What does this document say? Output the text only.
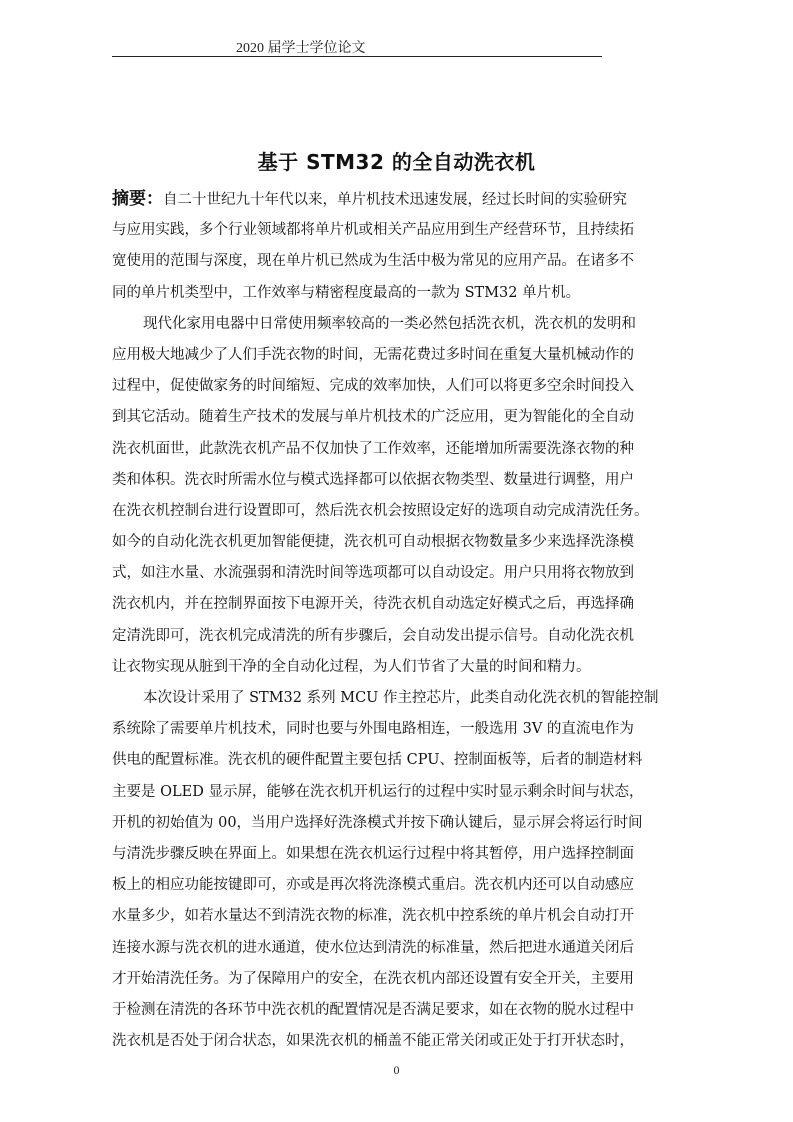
2020 届学士学位论文
基于 STM32 的全自动洗衣机
摘要：自二十世纪九十年代以来，单片机技术迅速发展，经过长时间的实验研究
与应用实践，多个行业领域都将单片机或相关产品应用到生产经营环节，且持续拓
宽使用的范围与深度，现在单片机已然成为生活中极为常见的应用产品。在诸多不
同的单片机类型中，工作效率与精密程度最高的一款为 STM32 单片机。
现代化家用电器中日常使用频率较高的一类必然包括洗衣机，洗衣机的发明和
应用极大地减少了人们手洗衣物的时间，无需花费过多时间在重复大量机械动作的
过程中，促使做家务的时间缩短、完成的效率加快，人们可以将更多空余时间投入
到其它活动。随着生产技术的发展与单片机技术的广泛应用，更为智能化的全自动
洗衣机面世，此款洗衣机产品不仅加快了工作效率，还能增加所需要洗涤衣物的种
类和体积。洗衣时所需水位与模式选择都可以依据衣物类型、数量进行调整，用户
在洗衣机控制台进行设置即可，然后洗衣机会按照设定好的选项自动完成清洗任务。
如今的自动化洗衣机更加智能便捷，洗衣机可自动根据衣物数量多少来选择洗涤模
式，如注水量、水流强弱和清洗时间等选项都可以自动设定。用户只用将衣物放到
洗衣机内，并在控制界面按下电源开关，待洗衣机自动选定好模式之后，再选择确
定清洗即可，洗衣机完成清洗的所有步骤后，会自动发出提示信号。自动化洗衣机
让衣物实现从脏到干净的全自动化过程，为人们节省了大量的时间和精力。
本次设计采用了 STM32 系列 MCU 作主控芯片，此类自动化洗衣机的智能控制
系统除了需要单片机技术，同时也要与外围电路相连，一般选用 3V 的直流电作为
供电的配置标准。洗衣机的硬件配置主要包括 CPU、控制面板等，后者的制造材料
主要是 OLED 显示屏，能够在洗衣机开机运行的过程中实时显示剩余时间与状态，
开机的初始值为 00，当用户选择好洗涤模式并按下确认键后，显示屏会将运行时间
与清洗步骤反映在界面上。如果想在洗衣机运行过程中将其暂停，用户选择控制面
板上的相应功能按键即可，亦或是再次将洗涤模式重启。洗衣机内还可以自动感应
水量多少，如若水量达不到清洗衣物的标准，洗衣机中控系统的单片机会自动打开
连接水源与洗衣机的进水通道，使水位达到清洗的标准量，然后把进水通道关闭后
才开始清洗任务。为了保障用户的安全，在洗衣机内部还设置有安全开关，主要用
于检测在清洗的各环节中洗衣机的配置情况是否满足要求，如在衣物的脱水过程中
洗衣机是否处于闭合状态，如果洗衣机的桶盖不能正常关闭或正处于打开状态时，
0
